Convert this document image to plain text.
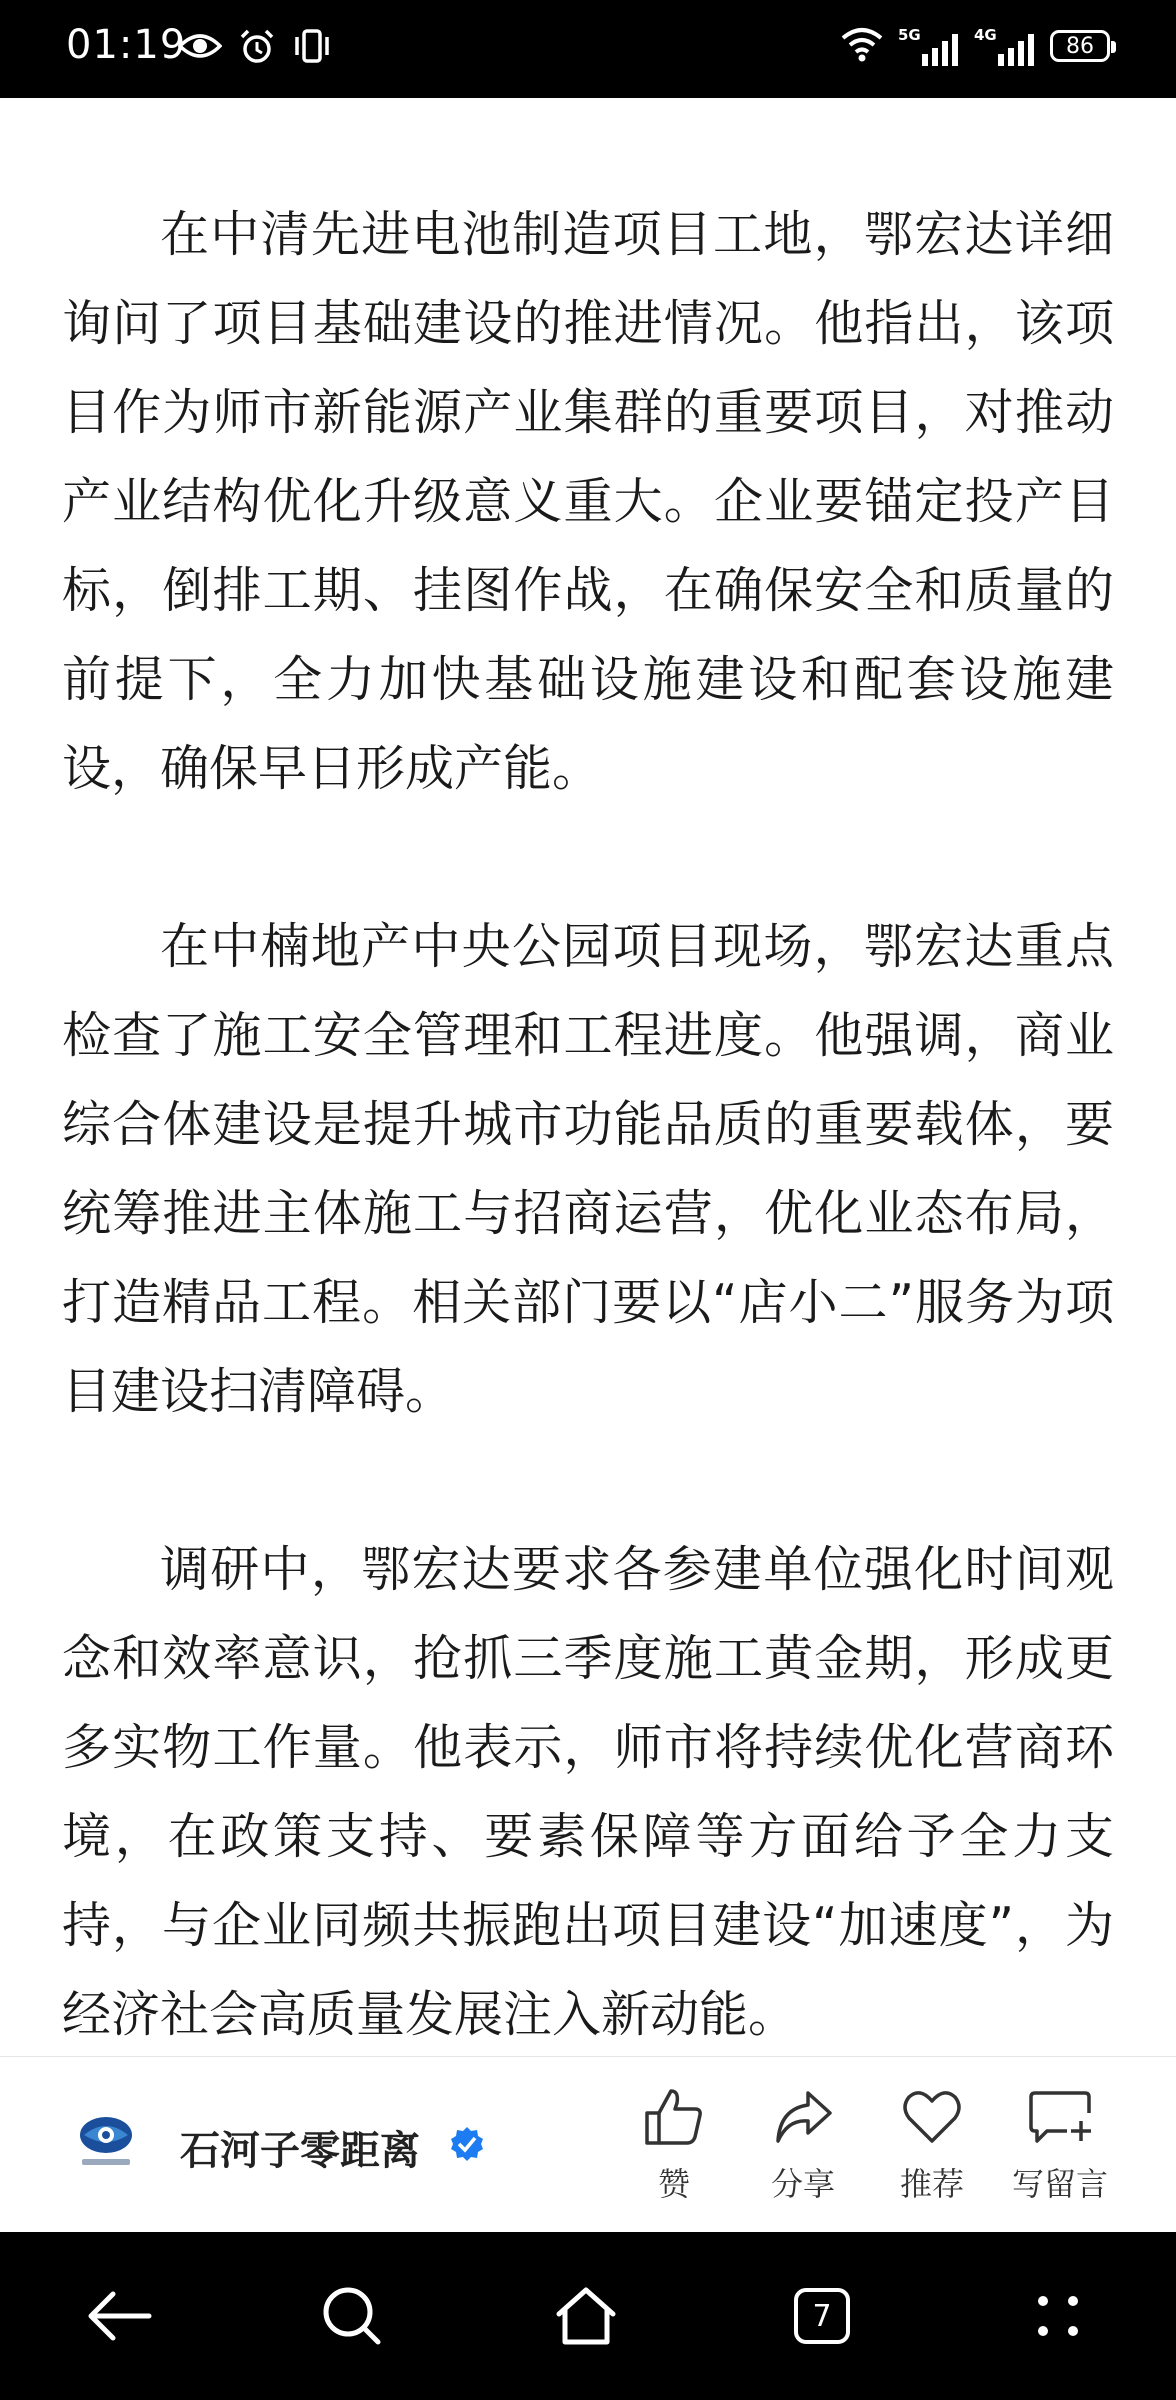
01:19	5G	4G	86

在中清先进电池制造项目工地，鄂宏达详细询问了项目基础建设的推进情况。他指出，该项目作为师市新能源产业集群的重要项目，对推动产业结构优化升级意义重大。企业要锚定投产目标，倒排工期、挂图作战，在确保安全和质量的前提下，全力加快基础设施建设和配套设施建设，确保早日形成产能。

在中楠地产中央公园项目现场，鄂宏达重点检查了施工安全管理和工程进度。他强调，商业综合体建设是提升城市功能品质的重要载体，要统筹推进主体施工与招商运营，优化业态布局，打造精品工程。相关部门要以“店小二”服务为项目建设扫清障碍。

调研中，鄂宏达要求各参建单位强化时间观念和效率意识，抢抓三季度施工黄金期，形成更多实物工作量。他表示，师市将持续优化营商环境，在政策支持、要素保障等方面给予全力支持，与企业同频共振跑出项目建设“加速度”，为经济社会高质量发展注入新动能。

石河子零距离
赞	分享	推荐	写留言
7
